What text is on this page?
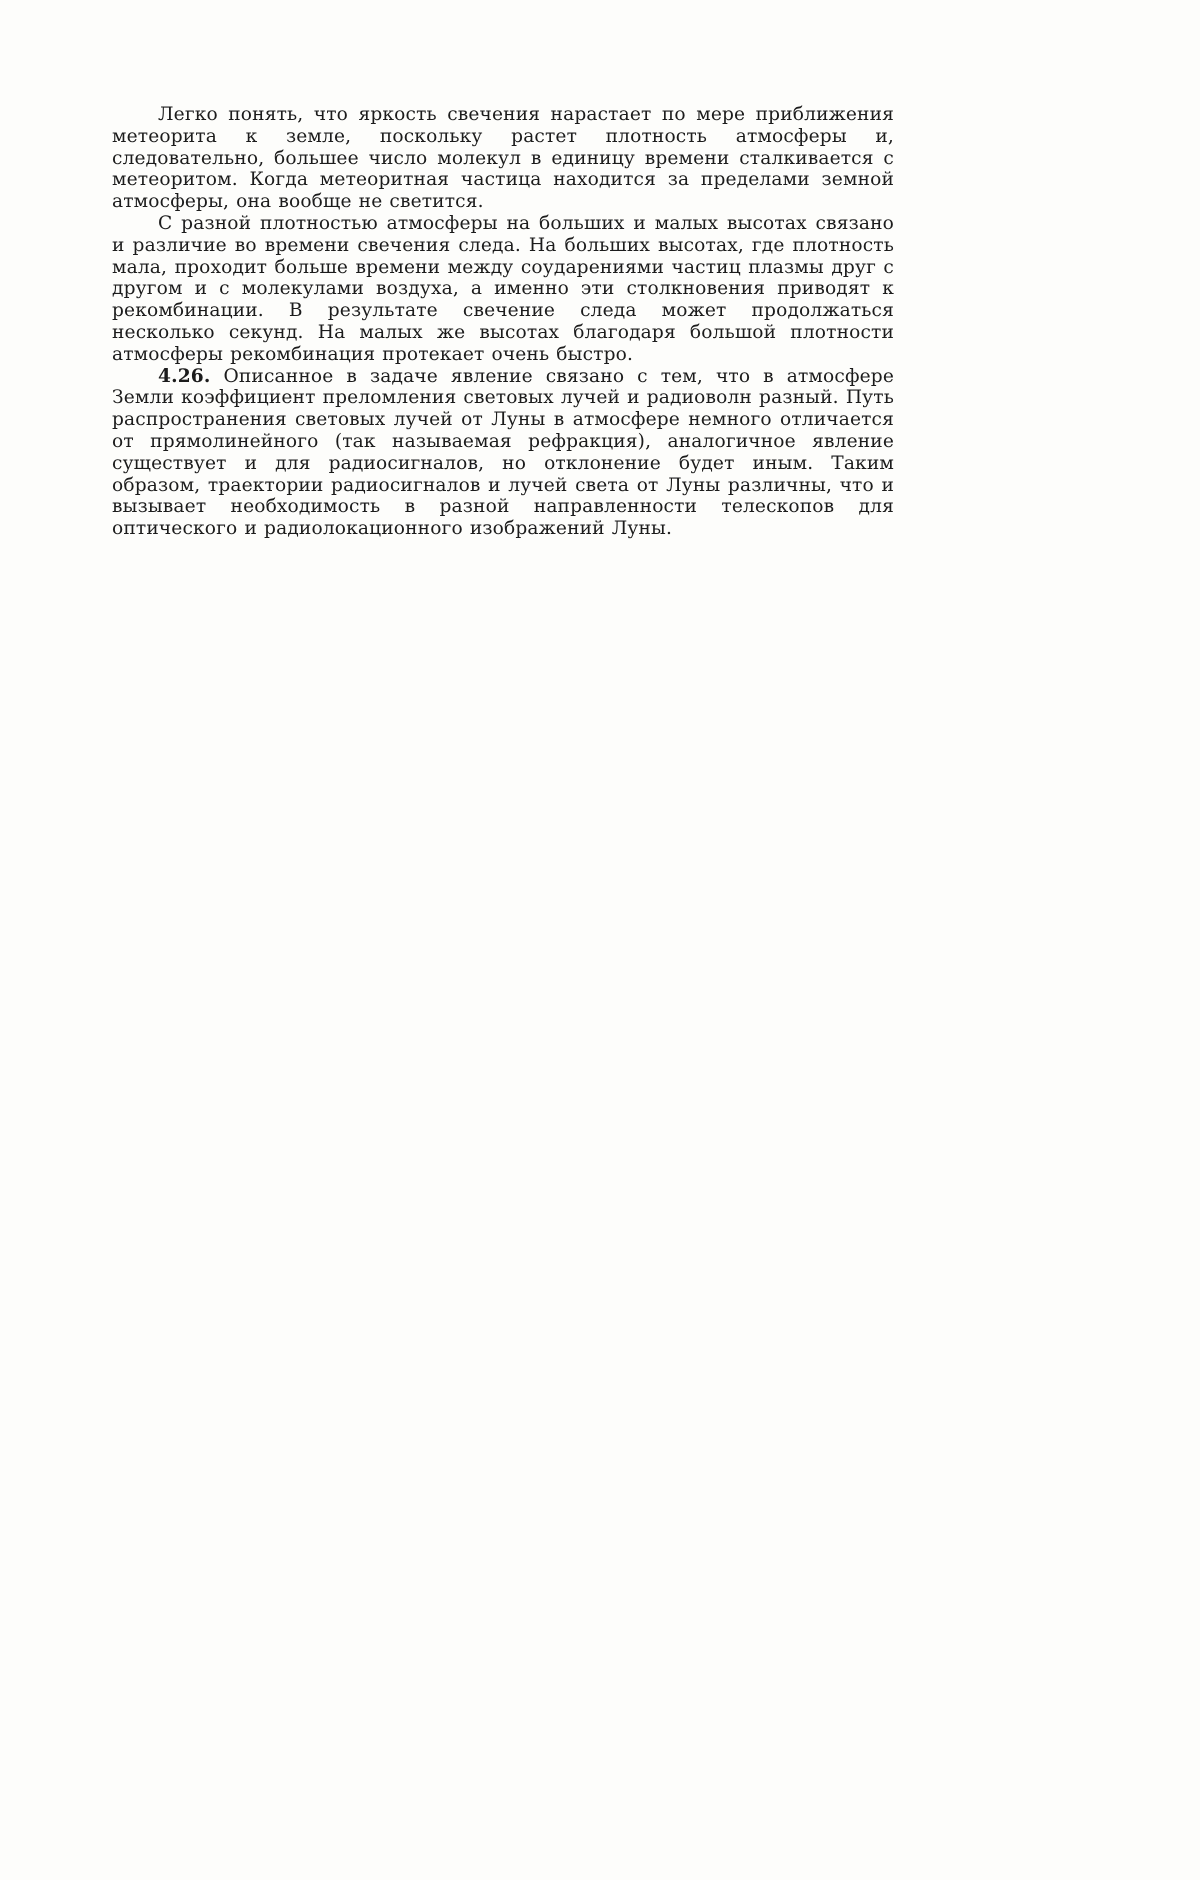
Легко понять, что яркость свечения нарастает по мере приближения метеорита к земле, поскольку растет плотность атмосферы и, следовательно, большее число молекул в единицу времени сталкивается с метеоритом. Когда метеоритная частица находится за пределами земной атмосферы, она вообще не светится.

С разной плотностью атмосферы на больших и малых высотах связано и различие во времени свечения следа. На больших высотах, где плотность мала, проходит больше времени между соударениями частиц плазмы друг с другом и с молекулами воздуха, а именно эти столкновения приводят к рекомбинации. В результате свечение следа может продолжаться несколько секунд. На малых же высотах благодаря большой плотности атмосферы рекомбинация протекает очень быстро.

4.26. Описанное в задаче явление связано с тем, что в атмосфере Земли коэффициент преломления световых лучей и радиоволн разный. Путь распространения световых лучей от Луны в атмосфере немного отличается от прямолинейного (так называемая рефракция), аналогичное явление существует и для радиосигналов, но отклонение будет иным. Таким образом, траектории радиосигналов и лучей света от Луны различны, что и вызывает необходимость в разной направленности телескопов для оптического и радиолокационного изображений Луны.
